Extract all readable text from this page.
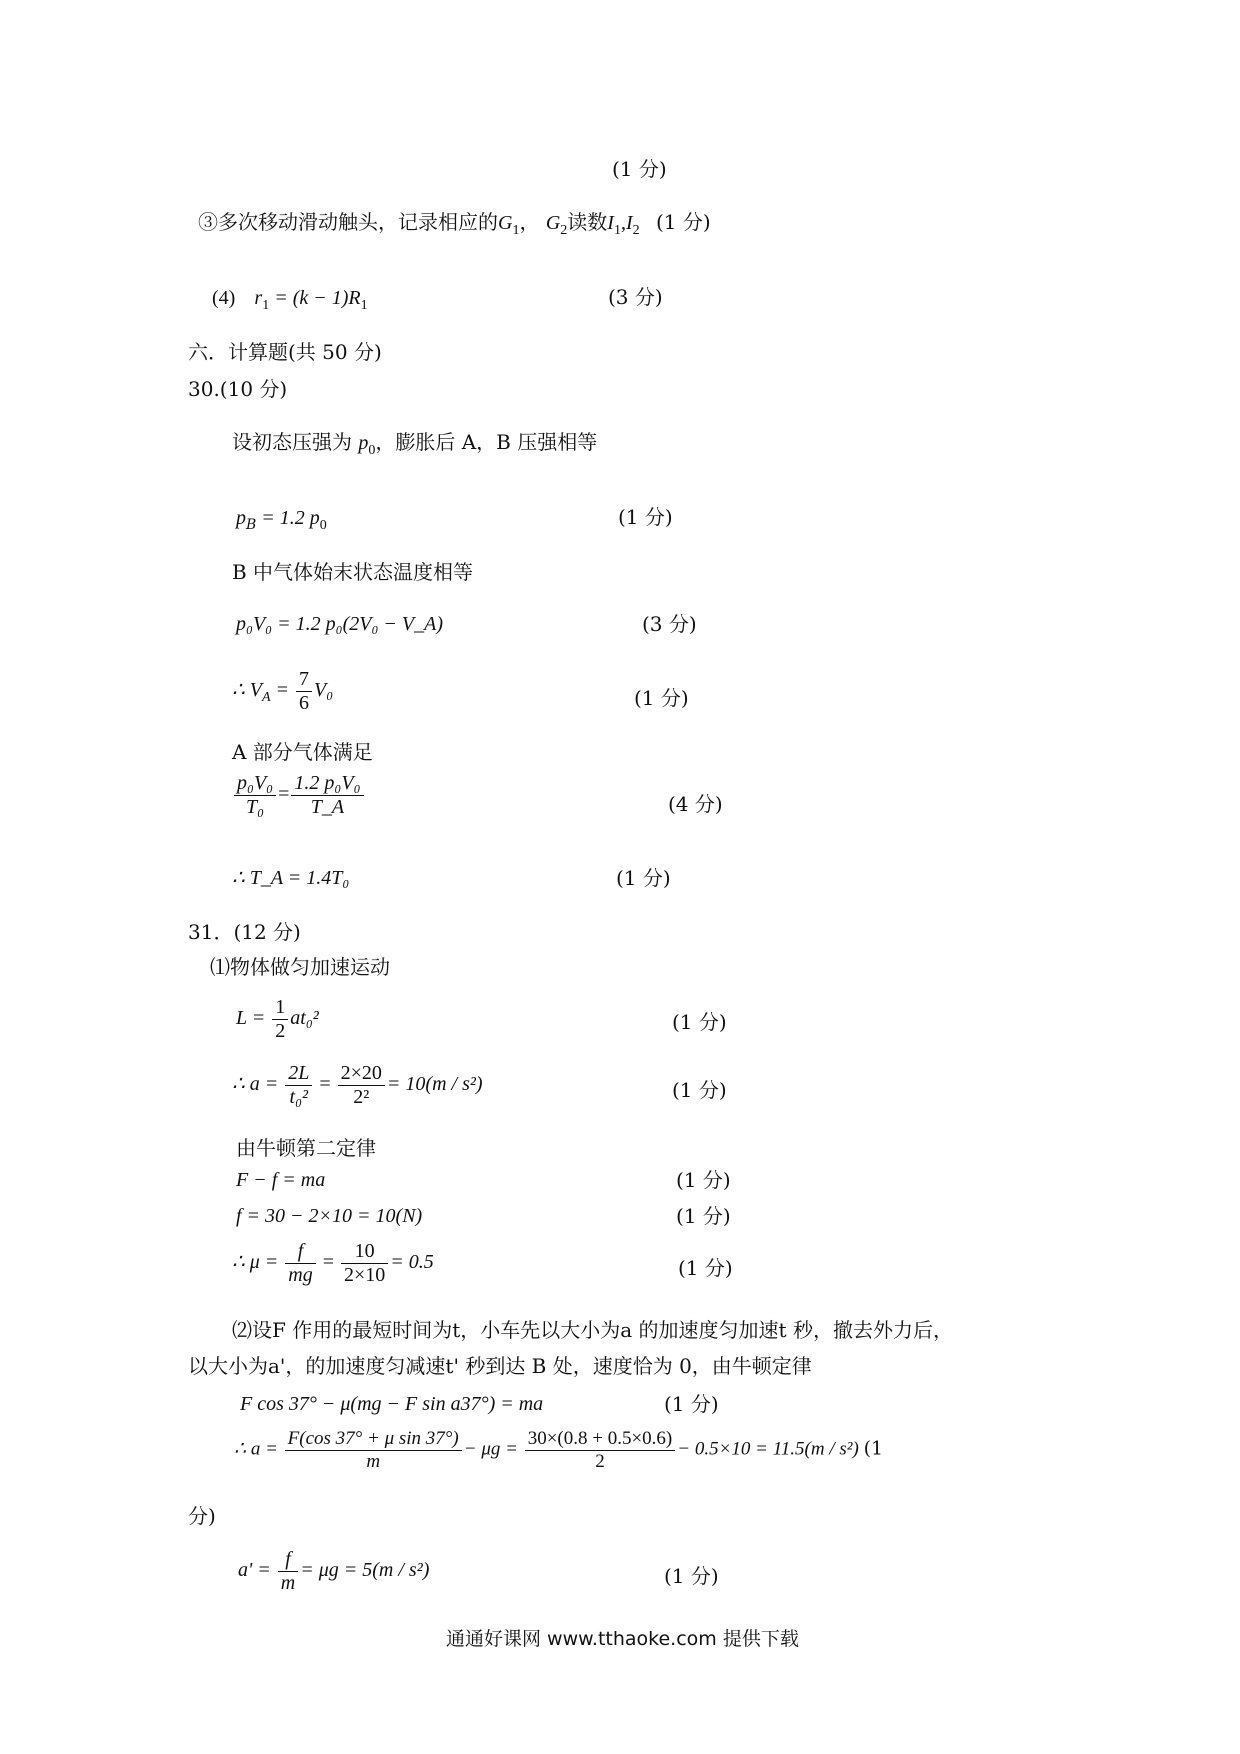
(1 分)
③多次移动滑动触头，记录相应的$G_1$， $G_2$读数$I_1,I_2$ (1 分)
(4) $r_1 = (k - 1)R_1$	(3 分)
六．计算题(共 50 分)
30.(10 分)
设初态压强为 $p_0$，膨胀后 A，B 压强相等
$p_B = 1.2$ $p_0$	(1 分)
B 中气体始末状态温度相等
p₀V₀ = 1.2 p₀(2V₀ − V_A)	(3 分)
∴ $V_A = \frac{7}{6} V_0$	(1 分)
A 部分气体满足
$\frac{\text{p₀V₀}}{\text{T₀}} = \frac{\text{1.2 p₀V₀}}{T\_A}$	(4 分)
∴ T_A = 1.4T₀	(1 分)
31．(12 分)
⑴物体做匀加速运动
$L = \frac{1}{2} at_0^2$	(1 分)
∴ $a = \frac{2L}{\text{t₀²}} = \frac{2\times 20}{\text{2²}} = 10(m / s^2)$	(1 分)
由牛顿第二定律
F − f = ma	(1 分)
f = 30 − 2×10 = 10(N)	(1 分)
∴ $\mu = \frac{f}{mg} = \frac{10}{2\times 10} = 0.5$	(1 分)
⑵设F 作用的最短时间为t，小车先以大小为a 的加速度匀加速t 秒，撤去外力后，
以大小为a'，的加速度匀减速t' 秒到达 B 处，速度恰为 0，由牛顿定律
F cos 37° − μ(mg − F sin a37°) = ma	(1 分)
∴ $a = \frac{\text{F(cos 37° + μ sin 37°)}}{m} - \mu g = \frac{30\times(0.8 + 0.5\times 0.6)}{2} - 0.5\times 10 = 11.5(m / s^2)$ (1
分)
$a' = \frac{f}{m} = \mu g = 5(m / s^2)$	(1 分)
通通好课网 www.tthaoke.com 提供下载
